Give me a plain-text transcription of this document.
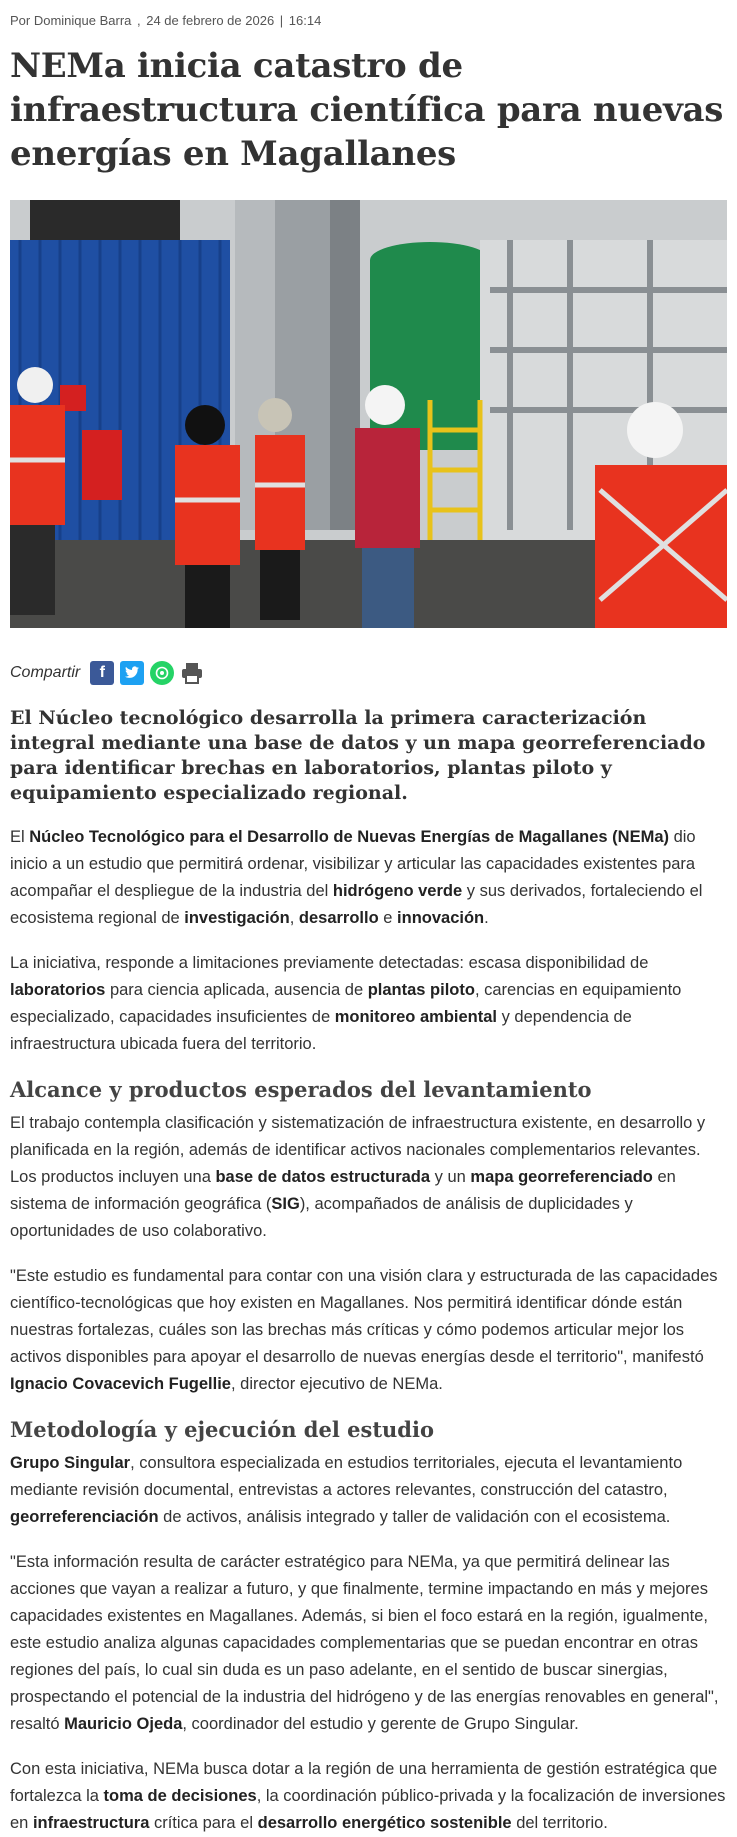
Por Dominique Barra , 24 de febrero de 2026 | 16:14
NEMa inicia catastro de infraestructura científica para nuevas energías en Magallanes
Compartir	f

El Núcleo tecnológico desarrolla la primera caracterización integral mediante una base de datos y un mapa georreferenciado para identificar brechas en laboratorios, plantas piloto y equipamiento especializado regional.

El Núcleo Tecnológico para el Desarrollo de Nuevas Energías de Magallanes (NEMa) dio inicio a un estudio que permitirá ordenar, visibilizar y articular las capacidades existentes para acompañar el despliegue de la industria del hidrógeno verde y sus derivados, fortaleciendo el ecosistema regional de investigación, desarrollo e innovación.

La iniciativa, responde a limitaciones previamente detectadas: escasa disponibilidad de laboratorios para ciencia aplicada, ausencia de plantas piloto, carencias en equipamiento especializado, capacidades insuficientes de monitoreo ambiental y dependencia de infraestructura ubicada fuera del territorio.

Alcance y productos esperados del levantamiento

El trabajo contempla clasificación y sistematización de infraestructura existente, en desarrollo y planificada en la región, además de identificar activos nacionales complementarios relevantes. Los productos incluyen una base de datos estructurada y un mapa georreferenciado en sistema de información geográfica (SIG), acompañados de análisis de duplicidades y oportunidades de uso colaborativo.

"Este estudio es fundamental para contar con una visión clara y estructurada de las capacidades científico-tecnológicas que hoy existen en Magallanes. Nos permitirá identificar dónde están nuestras fortalezas, cuáles son las brechas más críticas y cómo podemos articular mejor los activos disponibles para apoyar el desarrollo de nuevas energías desde el territorio", manifestó Ignacio Covacevich Fugellie, director ejecutivo de NEMa.

Metodología y ejecución del estudio

Grupo Singular, consultora especializada en estudios territoriales, ejecuta el levantamiento mediante revisión documental, entrevistas a actores relevantes, construcción del catastro, georreferenciación de activos, análisis integrado y taller de validación con el ecosistema.

"Esta información resulta de carácter estratégico para NEMa, ya que permitirá delinear las acciones que vayan a realizar a futuro, y que finalmente, termine impactando en más y mejores capacidades existentes en Magallanes. Además, si bien el foco estará en la región, igualmente, este estudio analiza algunas capacidades complementarias que se puedan encontrar en otras regiones del país, lo cual sin duda es un paso adelante, en el sentido de buscar sinergias, prospectando el potencial de la industria del hidrógeno y de las energías renovables en general", resaltó Mauricio Ojeda, coordinador del estudio y gerente de Grupo Singular.

Con esta iniciativa, NEMa busca dotar a la región de una herramienta de gestión estratégica que fortalezca la toma de decisiones, la coordinación público-privada y la focalización de inversiones en infraestructura crítica para el desarrollo energético sostenible del territorio.
